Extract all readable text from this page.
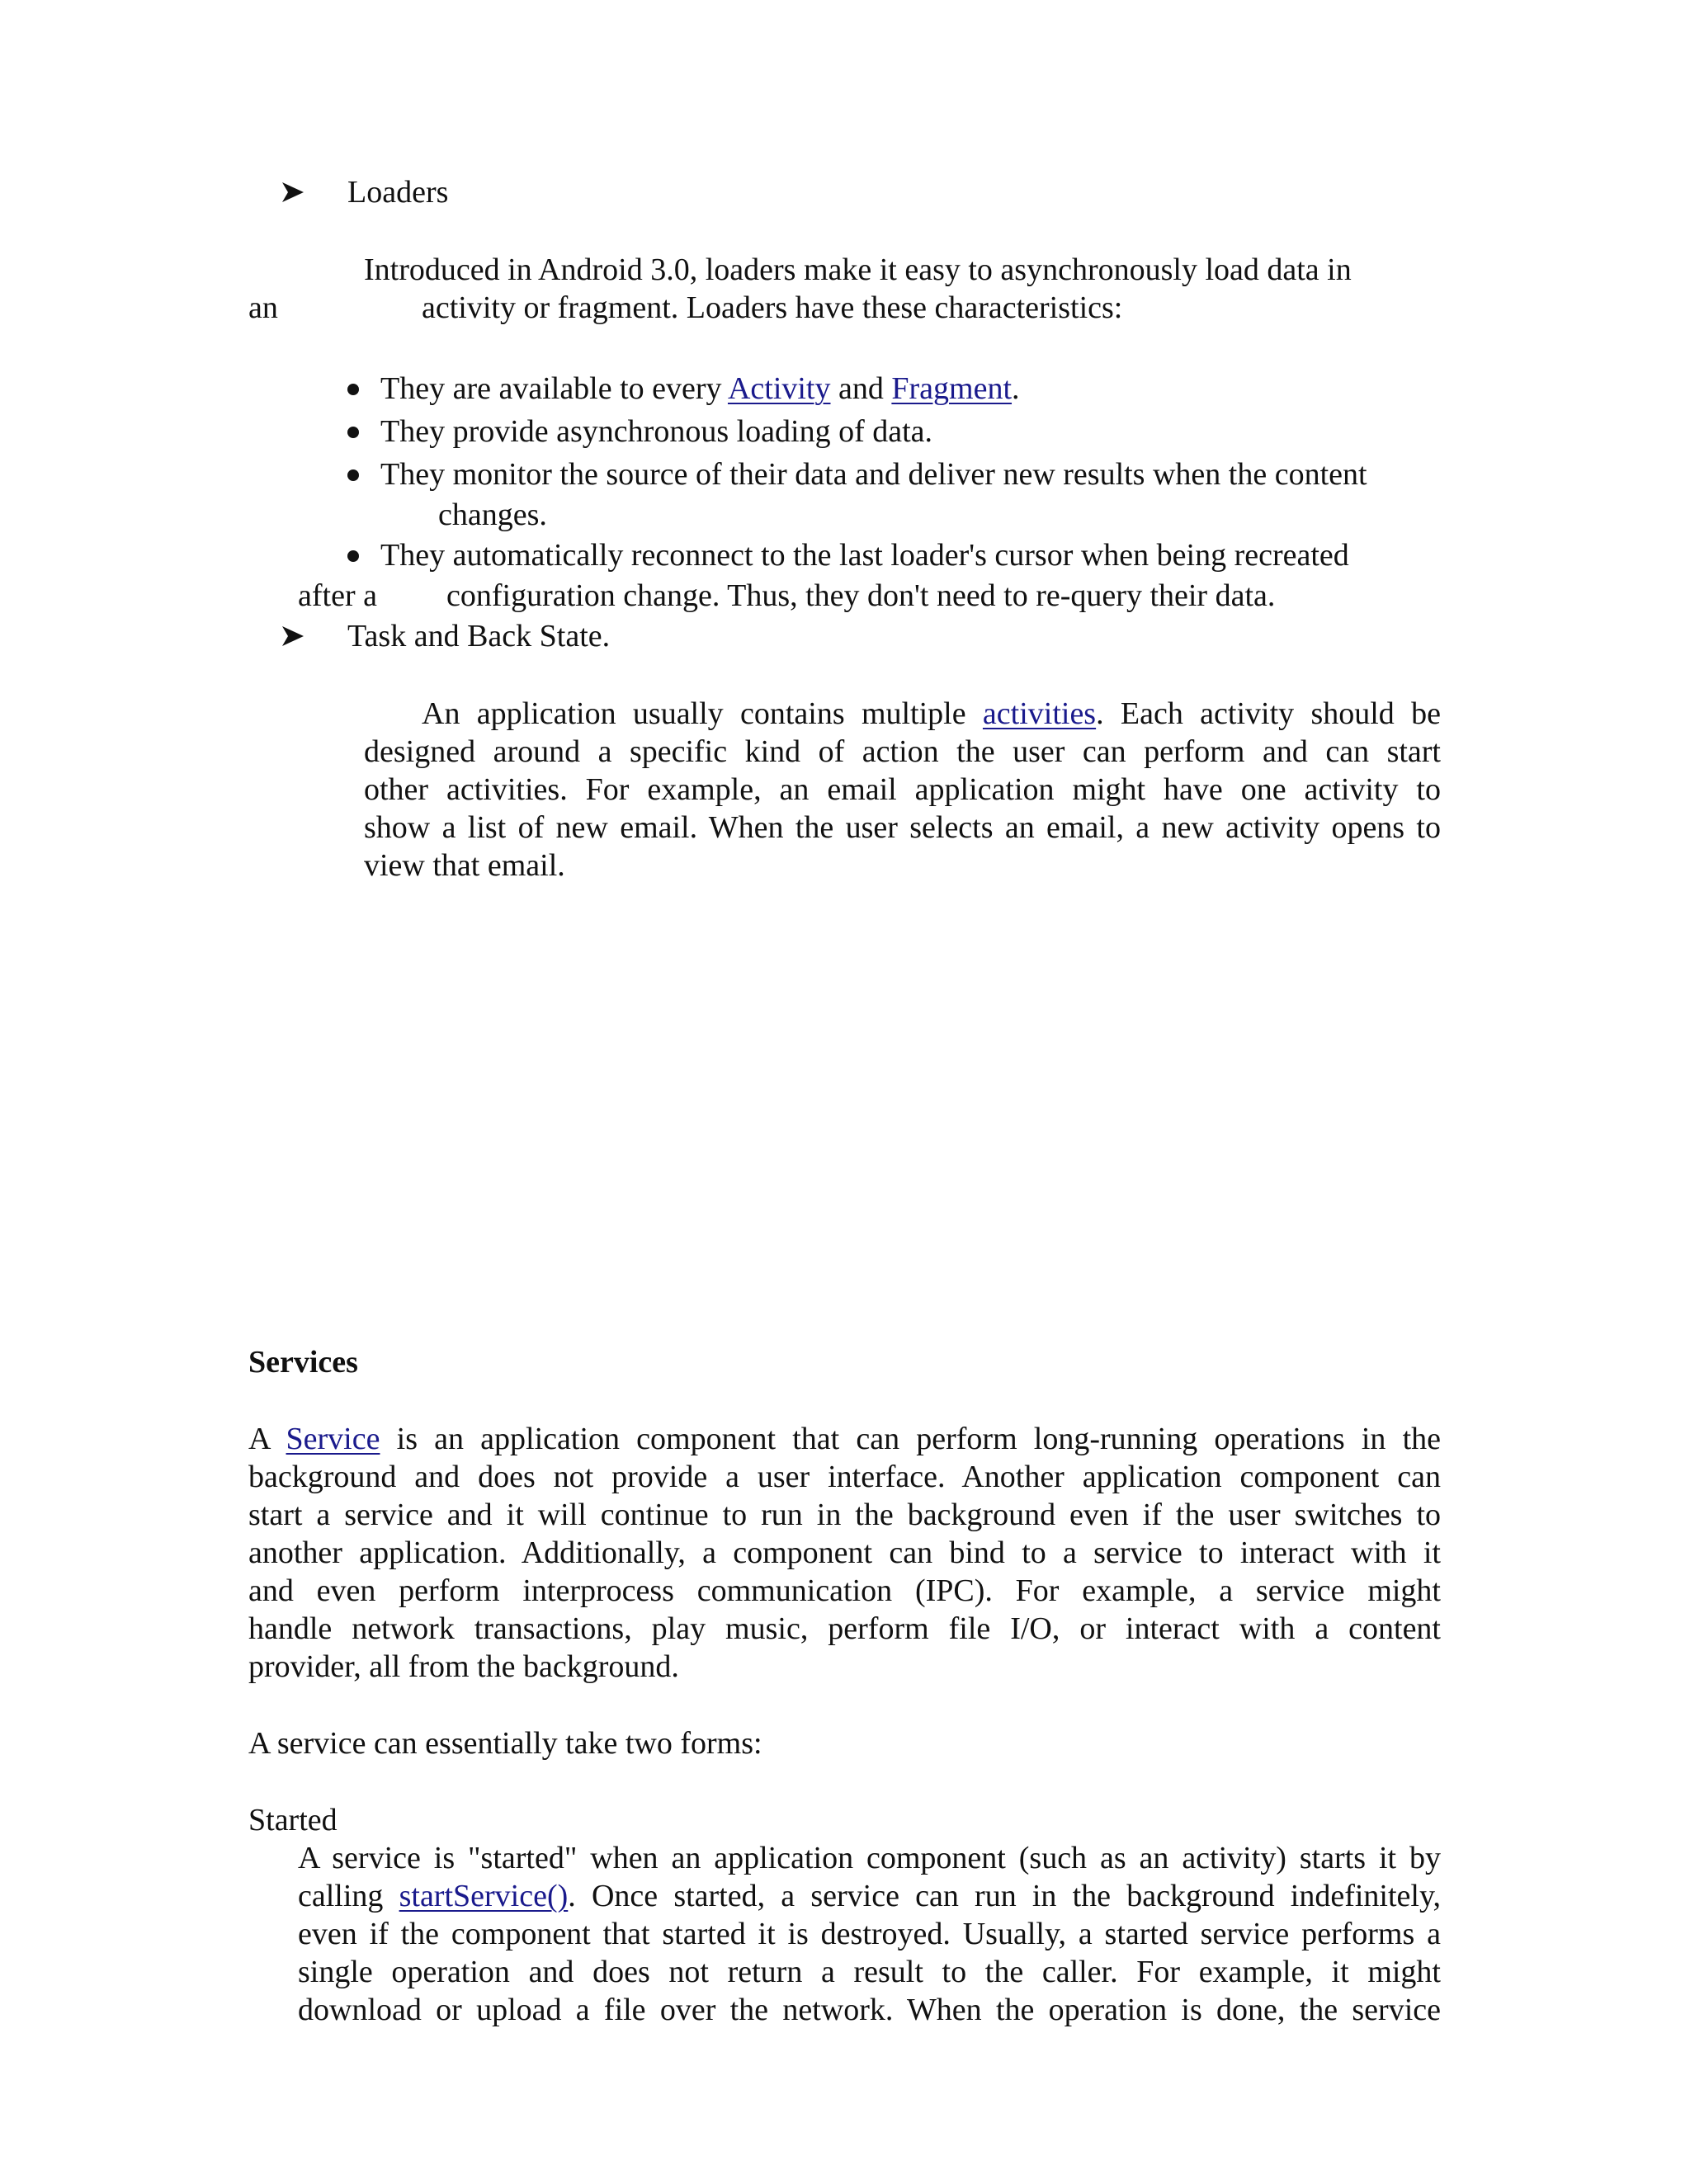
Loaders
Introduced in Android 3.0, loaders make it easy to asynchronously load data in
an	activity or fragment. Loaders have these characteristics:
They are available to every Activity and Fragment.
They provide asynchronous loading of data.
They monitor the source of their data and deliver new results when the content
changes.
They automatically reconnect to the last loader's cursor when being recreated
after a configuration change. Thus, they don't need to re-query their data.
Task and Back State.
An application usually contains multiple activities. Each activity should be
designed around a specific kind of action the user can perform and can start
other activities. For example, an email application might have one activity to
show a list of new email. When the user selects an email, a new activity opens to
view that email.
Services
A Service is an application component that can perform long-running operations in the
background and does not provide a user interface. Another application component can
start a service and it will continue to run in the background even if the user switches to
another application. Additionally, a component can bind to a service to interact with it
and even perform interprocess communication (IPC). For example, a service might
handle network transactions, play music, perform file I/O, or interact with a content
provider, all from the background.
A service can essentially take two forms:
Started
A service is "started" when an application component (such as an activity) starts it by
calling startService(). Once started, a service can run in the background indefinitely,
even if the component that started it is destroyed. Usually, a started service performs a
single operation and does not return a result to the caller. For example, it might
download or upload a file over the network. When the operation is done, the service
